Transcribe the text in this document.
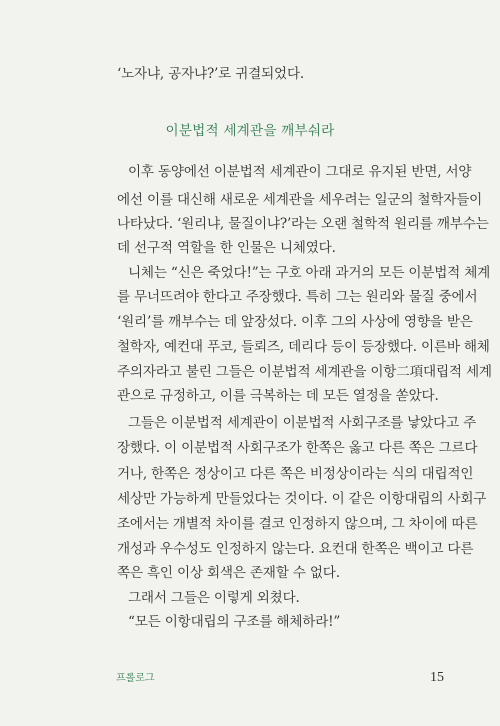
‘노자냐, 공자냐?’로 귀결되었다.
이분법적 세계관을 깨부숴라
이후 동양에선 이분법적 세계관이 그대로 유지된 반면, 서양
에선 이를 대신해 새로운 세계관을 세우려는 일군의 철학자들이
나타났다. ‘원리냐, 물질이냐?’라는 오랜 철학적 원리를 깨부수는
데 선구적 역할을 한 인물은 니체였다.
니체는 “신은 죽었다!”는 구호 아래 과거의 모든 이분법적 체계
를 무너뜨려야 한다고 주장했다. 특히 그는 원리와 물질 중에서
‘원리’를 깨부수는 데 앞장섰다. 이후 그의 사상에 영향을 받은
철학자, 예컨대 푸코, 들뢰즈, 데리다 등이 등장했다. 이른바 해체
주의자라고 불린 그들은 이분법적 세계관을 이항二項대립적 세계
관으로 규정하고, 이를 극복하는 데 모든 열정을 쏟았다.
그들은 이분법적 세계관이 이분법적 사회구조를 낳았다고 주
장했다. 이 이분법적 사회구조가 한쪽은 옳고 다른 쪽은 그르다
거나, 한쪽은 정상이고 다른 쪽은 비정상이라는 식의 대립적인
세상만 가능하게 만들었다는 것이다. 이 같은 이항대립의 사회구
조에서는 개별적 차이를 결코 인정하지 않으며, 그 차이에 따른
개성과 우수성도 인정하지 않는다. 요컨대 한쪽은 백이고 다른
쪽은 흑인 이상 회색은 존재할 수 없다.
그래서 그들은 이렇게 외쳤다.
“모든 이항대립의 구조를 해체하라!”
프롤로그	15
